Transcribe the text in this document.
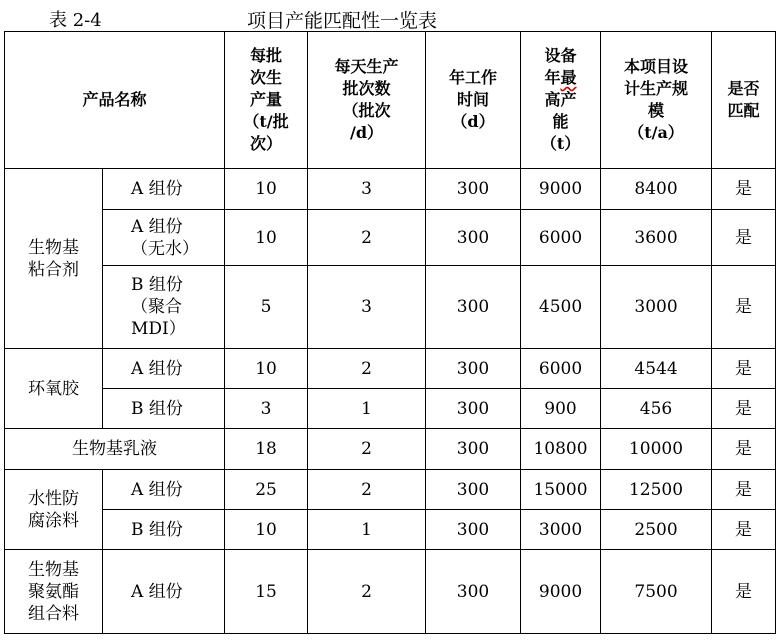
表 2-4	项目产能匹配性一览表
产品名称		每批
次生
产量
（t/批
次）	每天生产
批次数
（批次
/d）	年工作
时间
（d）	设备
年最
高产
能
（t）	本项目设
计生产规
模
（t/a）	是否
匹配
生物基
粘合剂	A 组份	10	3	300	9000	8400	是
	A 组份
（无水）	10	2	300	6000	3600	是
	B 组份
（聚合
MDI）	5	3	300	4500	3000	是
环氧胶	A 组份	10	2	300	6000	4544	是
	B 组份	3	1	300	900	456	是
生物基乳液		18	2	300	10800	10000	是
水性防
腐涂料	A 组份	25	2	300	15000	12500	是
	B 组份	10	1	300	3000	2500	是
生物基
聚氨酯
组合料	A 组份	15	2	300	9000	7500	是
